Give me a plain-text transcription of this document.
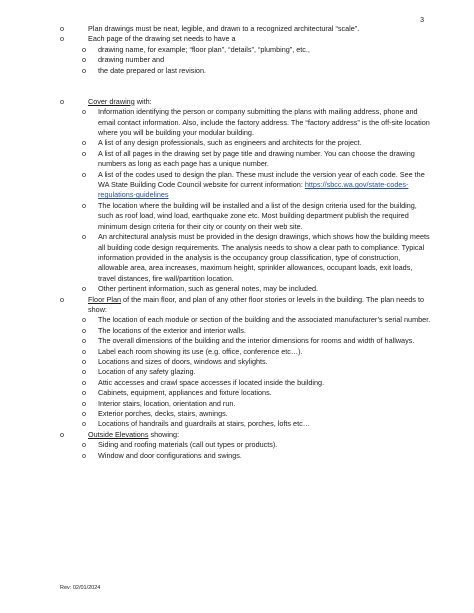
3
o	Plan drawings must be neat, legible, and drawn to a recognized architectural “scale”.
o	Each page of the drawing set needs to have a
o drawing name, for example; “floor plan”, “details”, “plumbing”, etc.,
o drawing number and
o the date prepared or last revision.
o	Cover drawing with:
o Information identifying the person or company submitting the plans with mailing address, phone and email contact information. Also, include the factory address. The “factory address” is the off-site location where you will be building your modular building.
o A list of any design professionals, such as engineers and architects for the project.
o A list of all pages in the drawing set by page title and drawing number. You can choose the drawing numbers as long as each page has a unique number.
o A list of the codes used to design the plan. These must include the version year of each code. See the WA State Building Code Council website for current information: https://sbcc.wa.gov/state-codes-regulations-guidelines
o The location where the building will be installed and a list of the design criteria used for the building, such as roof load, wind load, earthquake zone etc. Most building department publish the required minimum design criteria for their city or county on their web site.
o An architectural analysis must be provided in the design drawings, which shows how the building meets all building code design requirements. The analysis needs to show a clear path to compliance. Typical information provided in the analysis is the occupancy group classification, type of construction, allowable area, area increases, maximum height, sprinkler allowances, occupant loads, exit loads, travel distances, fire wall/partition location.
o Other pertinent information, such as general notes, may be included.
o	Floor Plan of the main floor, and plan of any other floor stories or levels in the building. The plan needs to show:
o The location of each module or section of the building and the associated manufacturer’s serial number.
o The locations of the exterior and interior walls.
o The overall dimensions of the building and the interior dimensions for rooms and width of hallways.
o Label each room showing its use (e.g. office, conference etc…).
o Locations and sizes of doors, windows and skylights.
o Location of any safety glazing.
o Attic accesses and crawl space accesses if located inside the building.
o Cabinets, equipment, appliances and fixture locations.
o Interior stairs, location, orientation and run.
o Exterior porches, decks, stairs, awnings.
o Locations of handrails and guardrails at stairs, porches, lofts etc…
o	Outside Elevations showing:
o Siding and roofing materials (call out types or products).
o Window and door configurations and swings.
Rev: 02/01/2024
